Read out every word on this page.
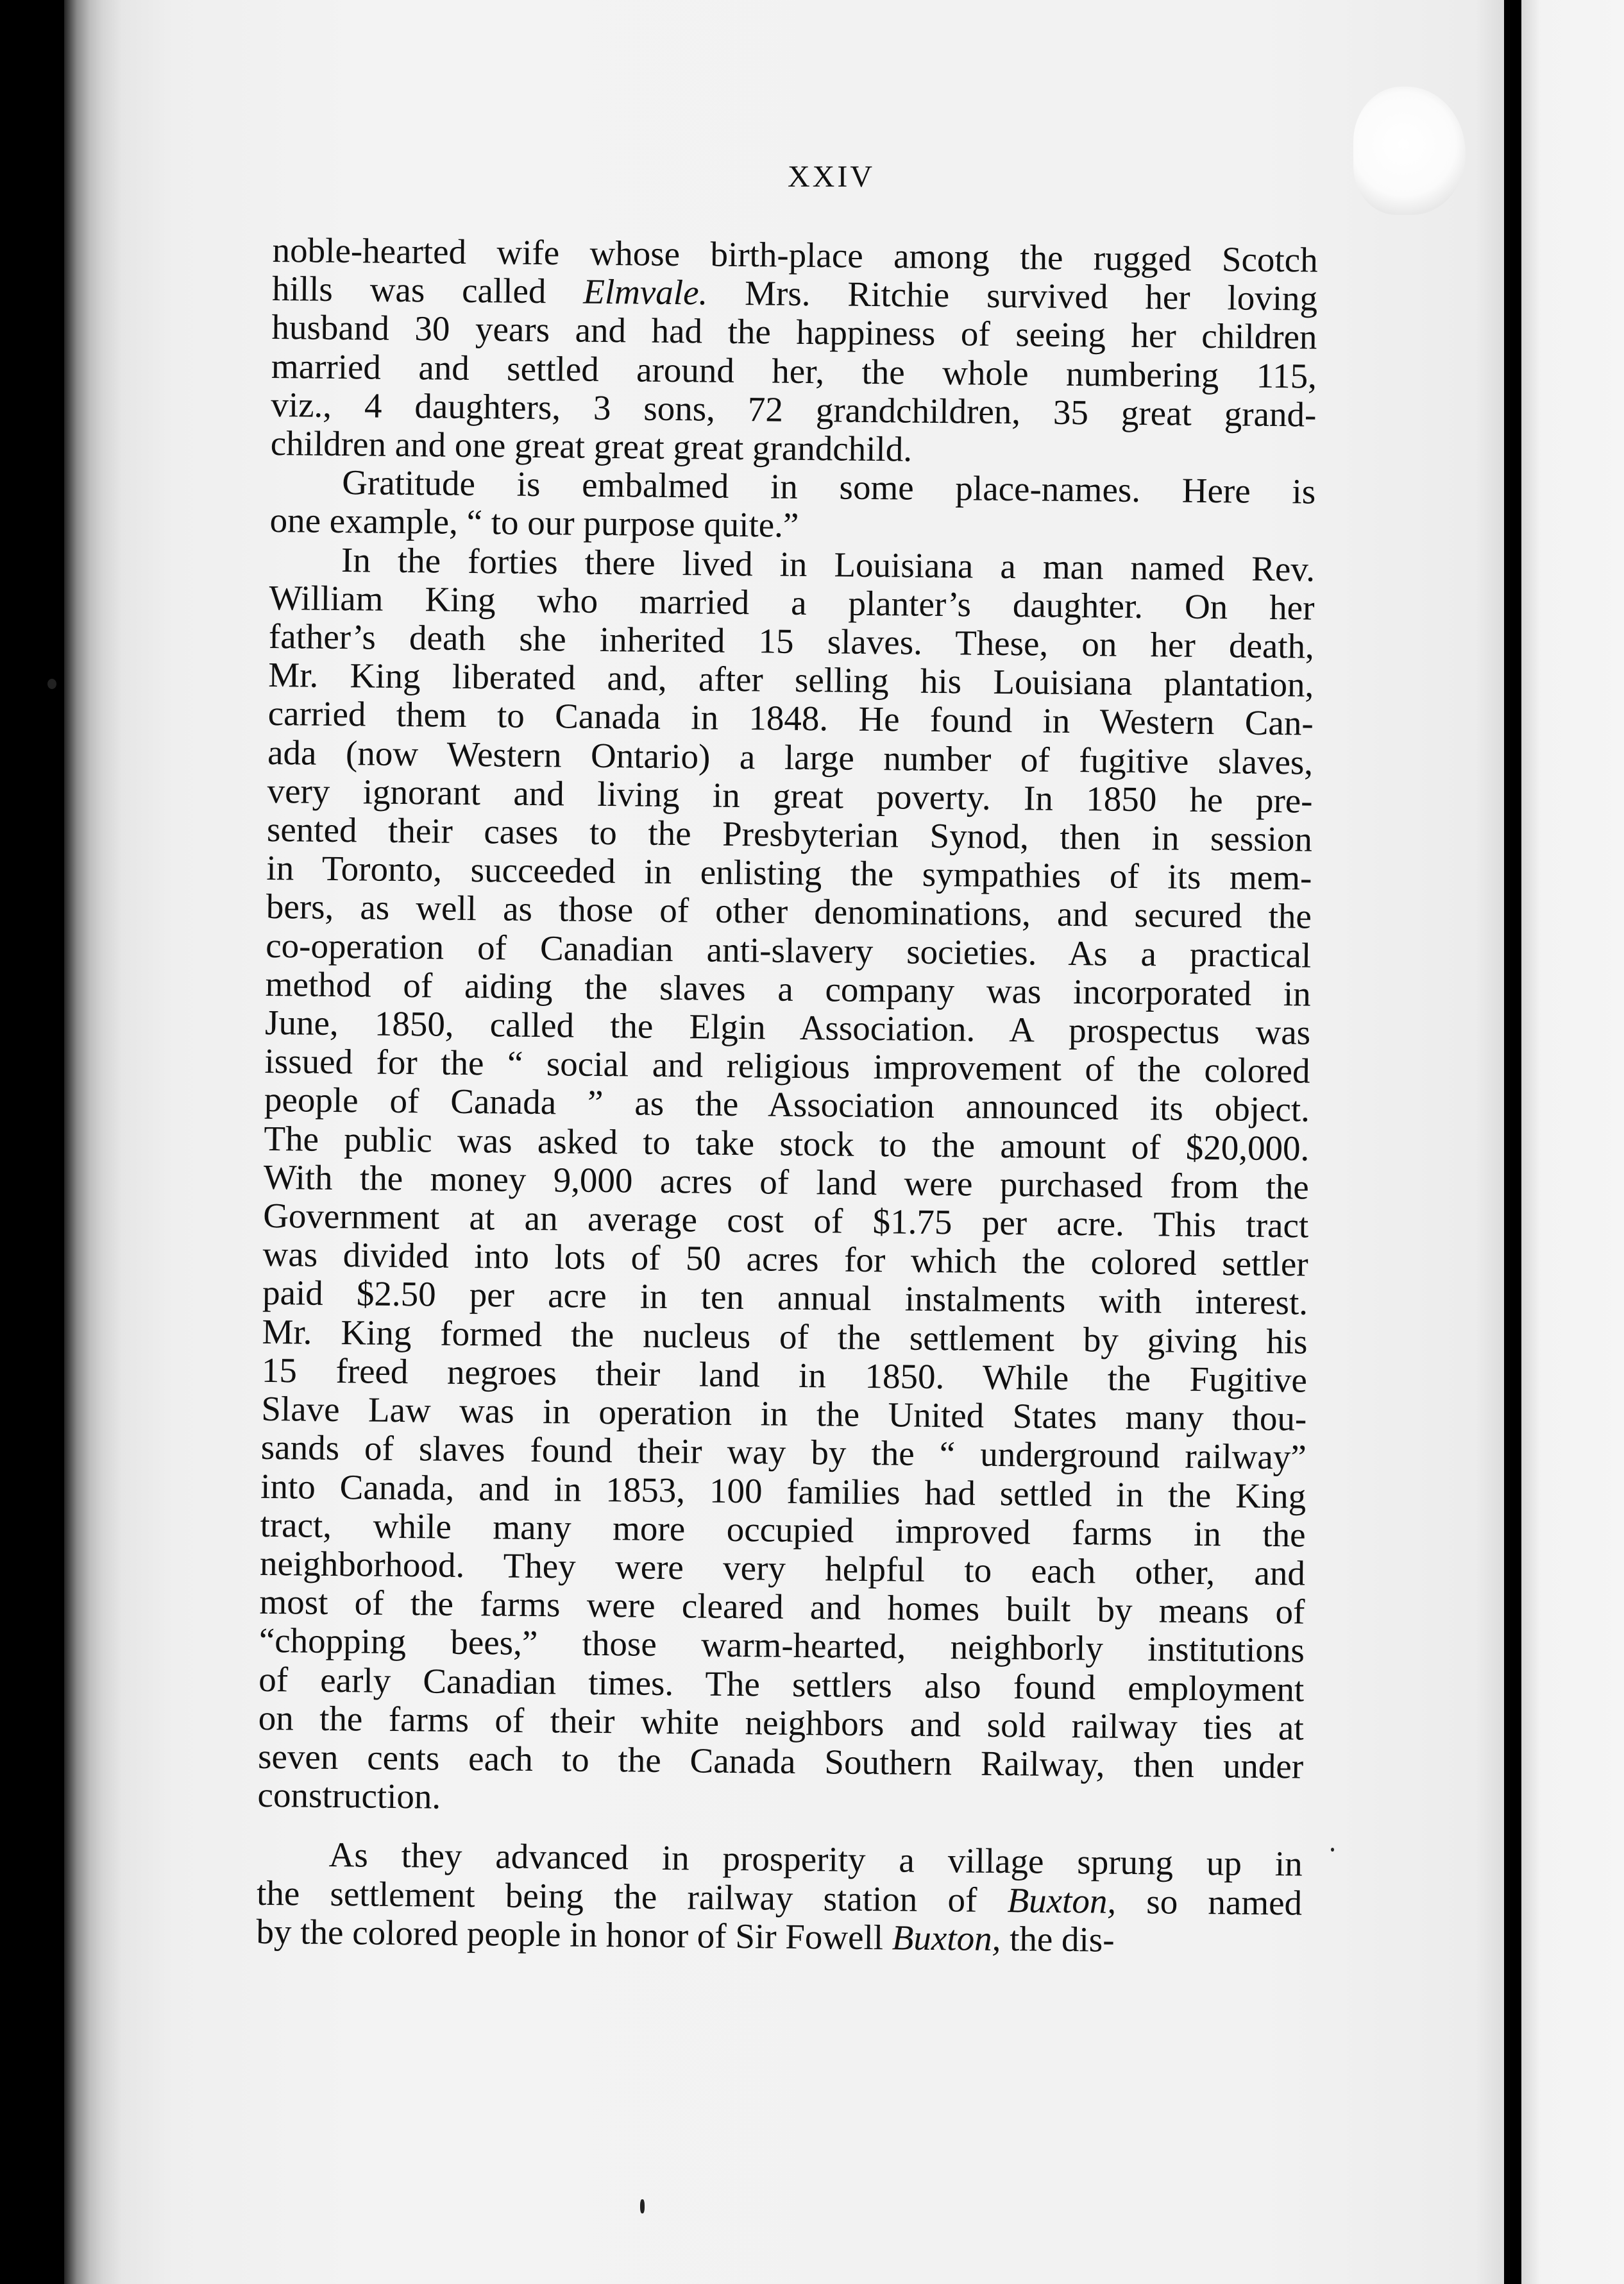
XXIV
noble-hearted wife whose birth-place among the rugged Scotch
hills was called Elmvale. Mrs. Ritchie survived her loving
husband 30 years and had the happiness of seeing her children
married and settled around her, the whole numbering 115,
viz., 4 daughters, 3 sons, 72 grandchildren, 35 great grand-
children and one great great great grandchild.
Gratitude is embalmed in some place-names. Here is
one example, “ to our purpose quite.”
In the forties there lived in Louisiana a man named Rev.
William King who married a planter’s daughter. On her
father’s death she inherited 15 slaves. These, on her death,
Mr. King liberated and, after selling his Louisiana plantation,
carried them to Canada in 1848. He found in Western Can-
ada (now Western Ontario) a large number of fugitive slaves,
very ignorant and living in great poverty. In 1850 he pre-
sented their cases to the Presbyterian Synod, then in session
in Toronto, succeeded in enlisting the sympathies of its mem-
bers, as well as those of other denominations, and secured the
co-operation of Canadian anti-slavery societies. As a practical
method of aiding the slaves a company was incorporated in
June, 1850, called the Elgin Association. A prospectus was
issued for the “ social and religious improvement of the colored
people of Canada ” as the Association announced its object.
The public was asked to take stock to the amount of $20,000.
With the money 9,000 acres of land were purchased from the
Government at an average cost of $1.75 per acre. This tract
was divided into lots of 50 acres for which the colored settler
paid $2.50 per acre in ten annual instalments with interest.
Mr. King formed the nucleus of the settlement by giving his
15 freed negroes their land in 1850. While the Fugitive
Slave Law was in operation in the United States many thou-
sands of slaves found their way by the “ underground railway”
into Canada, and in 1853, 100 families had settled in the King
tract, while many more occupied improved farms in the
neighborhood. They were very helpful to each other, and
most of the farms were cleared and homes built by means of
“chopping bees,” those warm-hearted, neighborly institutions
of early Canadian times. The settlers also found employment
on the farms of their white neighbors and sold railway ties at
seven cents each to the Canada Southern Railway, then under
construction.
As they advanced in prosperity a village sprung up in
the settlement being the railway station of Buxton, so named
by the colored people in honor of Sir Fowell Buxton, the dis-
